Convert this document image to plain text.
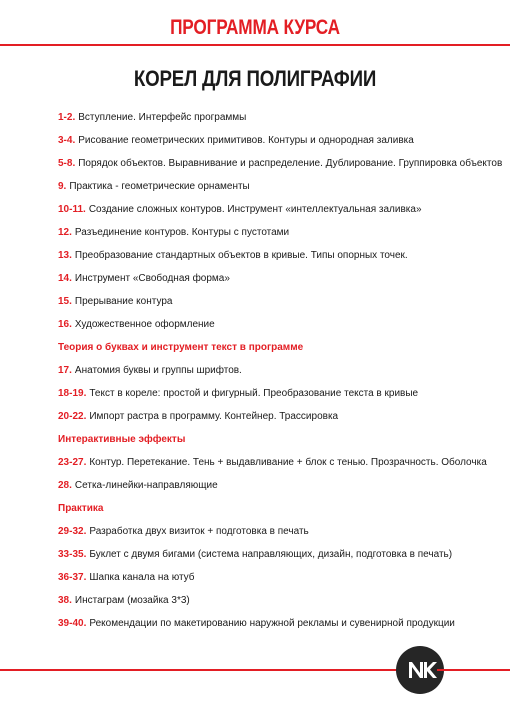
ПРОГРАММА КУРСА
КОРЕЛ ДЛЯ ПОЛИГРАФИИ
1-2. Вступление. Интерфейс программы
3-4. Рисование геометрических примитивов. Контуры и однородная заливка
5-8. Порядок объектов. Выравнивание и распределение. Дублирование. Группировка объектов
9. Практика - геометрические орнаменты
10-11. Создание сложных контуров. Инструмент «интеллектуальная заливка»
12. Разъединение контуров. Контуры с пустотами
13. Преобразование стандартных объектов в кривые. Типы опорных точек.
14. Инструмент «Свободная форма»
15. Прерывание контура
16. Художественное оформление
Теория о буквах и инструмент текст в программе
17. Анатомия буквы и группы шрифтов.
18-19. Текст в кореле: простой и фигурный. Преобразование текста в кривые
20-22. Импорт растра в программу. Контейнер. Трассировка
Интерактивные эффекты
23-27. Контур. Перетекание. Тень + выдавливание + блок с тенью. Прозрачность. Оболочка
28. Сетка-линейки-направляющие
Практика
29-32. Разработка двух визиток + подготовка в печать
33-35. Буклет с двумя бигами (система направляющих, дизайн, подготовка в печать)
36-37. Шапка канала на ютуб
38. Инстаграм (мозайка 3*3)
39-40. Рекомендации по макетированию наружной рекламы и сувенирной продукции
